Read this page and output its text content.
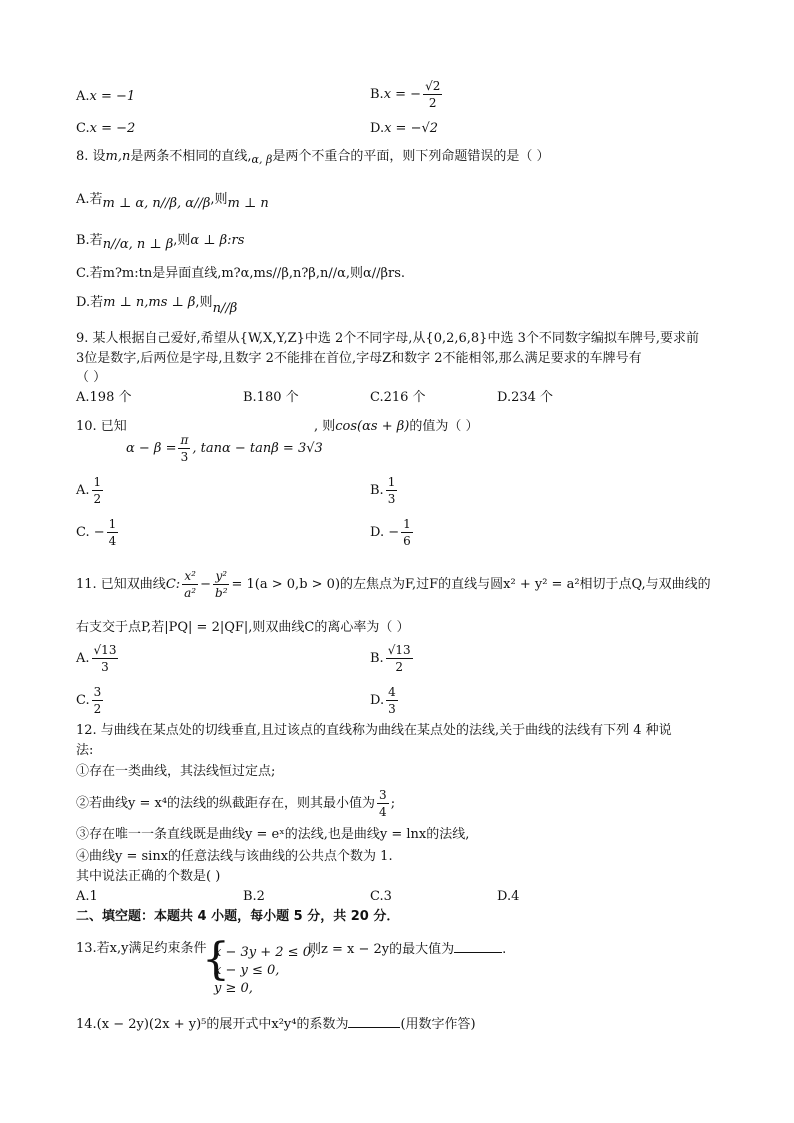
A.x = −1	B.x = − $\frac{√2}{2}$
C.x = −2	D.x = −√2
8. 设m,n是两条不相同的直线$,_{\alpha, \beta}$是两个不重合的平面，则下列命题错误的是（ ）
A.若m ⊥ α, n//β, α//β,则m ⊥ n
B.若n//α, n ⊥ β,则α ⊥ β:rs
C.若m?m:tn是异面直线,m?α,ms//β,n?β,n//α,则α//βrs.
D.若m ⊥ n,ms ⊥ β,则n//β
9. 某人根据自己爱好,希望从{W,X,Y,Z}中选 2个不同字母,从{0,2,6,8}中选 3个不同数字编拟车牌号,要求前
3位是数字,后两位是字母,且数字 2不能排在首位,字母Z和数字 2不能相邻,那么满足要求的车牌号有
（ ）
A.198 个	B.180 个	C.216 个	D.234 个
10. 已知
$\alpha - \beta = \frac{\pi}{3}$ , tanα − tanβ = 3√3
, 则cos(αs + β)的值为（ ）
A. $\frac{1}{2}$	B. $\frac{1}{3}$
C. − $\frac{1}{4}$	D. − $\frac{1}{6}$
11. 已知双曲线C: $\frac{\text{x²}}{\text{a²}} - \frac{\text{y²}}{\text{b²}} = 1(a > 0,b > 0)$的左焦点为F,过F的直线与圆x² + y² = a²相切于点Q,与双曲线的
右支交于点P,若|PQ| = 2|QF|,则双曲线C的离心率为（ ）
A. $\frac{√13}{3}$	B. $\frac{√13}{2}$
C. $\frac{3}{2}$	D. $\frac{4}{3}$
12. 与曲线在某点处的切线垂直,且过该点的直线称为曲线在某点处的法线,关于曲线的法线有下列 4 种说
法:
①存在一类曲线，其法线恒过定点;
②若曲线y = x⁴的法线的纵截距存在，则其最小值为 $\frac{3}{4}$ ;
③存在唯一一条直线既是曲线y = eˣ的法线,也是曲线y = lnx的法线,
④曲线y = sinx的任意法线与该曲线的公共点个数为 1.
其中说法正确的个数是( )
A.1	B.2	C.3	D.4
二、填空题：本题共 4 小题，每小题 5 分，共 20 分．
13.若x,y满足约束条件
{
x − 3y + 2 ≤ 0,
x − y ≤ 0,
y ≥ 0,
则z = x − 2y的最大值为	.
14.(x − 2y)(2x + y)⁵的展开式中x²y⁴的系数为	(用数字作答)
